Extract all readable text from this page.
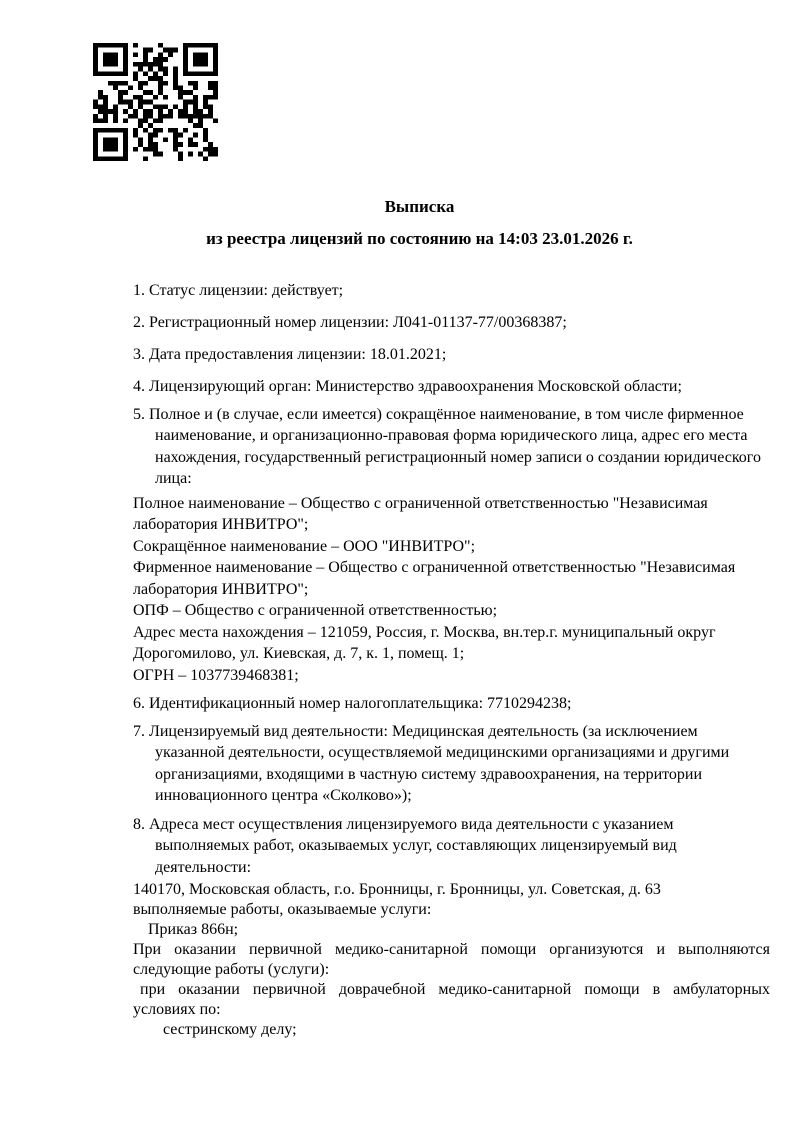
Выписка
из реестра лицензий по состоянию на 14:03 23.01.2026 г.

1. Статус лицензии: действует;

2. Регистрационный номер лицензии: Л041-01137-77/00368387;

3. Дата предоставления лицензии: 18.01.2021;

4. Лицензирующий орган: Министерство здравоохранения Московской области;

5. Полное и (в случае, если имеется) сокращённое наименование, в том числе фирменное наименование, и организационно-правовая форма юридического лица, адрес его места нахождения, государственный регистрационный номер записи о создании юридического лица:

Полное наименование – Общество с ограниченной ответственностью "Независимая лаборатория ИНВИТРО";

Сокращённое наименование – ООО "ИНВИТРО";

Фирменное наименование – Общество с ограниченной ответственностью "Независимая лаборатория ИНВИТРО";

ОПФ – Общество с ограниченной ответственностью;

Адрес места нахождения – 121059, Россия, г. Москва, вн.тер.г. муниципальный округ Дорогомилово, ул. Киевская, д. 7, к. 1, помещ. 1;

ОГРН – 1037739468381;

6. Идентификационный номер налогоплательщика: 7710294238;

7. Лицензируемый вид деятельности: Медицинская деятельность (за исключением указанной деятельности, осуществляемой медицинскими организациями и другими организациями, входящими в частную систему здравоохранения, на территории инновационного центра «Сколково»);

8. Адреса мест осуществления лицензируемого вида деятельности с указанием выполняемых работ, оказываемых услуг, составляющих лицензируемый вид деятельности:

140170, Московская область, г.о. Бронницы, г. Бронницы, ул. Советская, д. 63

выполняемые работы, оказываемые услуги:

Приказ 866н;

При оказании первичной медико-санитарной помощи организуются и выполняются следующие работы (услуги):

при оказании первичной доврачебной медико-санитарной помощи в амбулаторных условиях по:

сестринскому делу;
